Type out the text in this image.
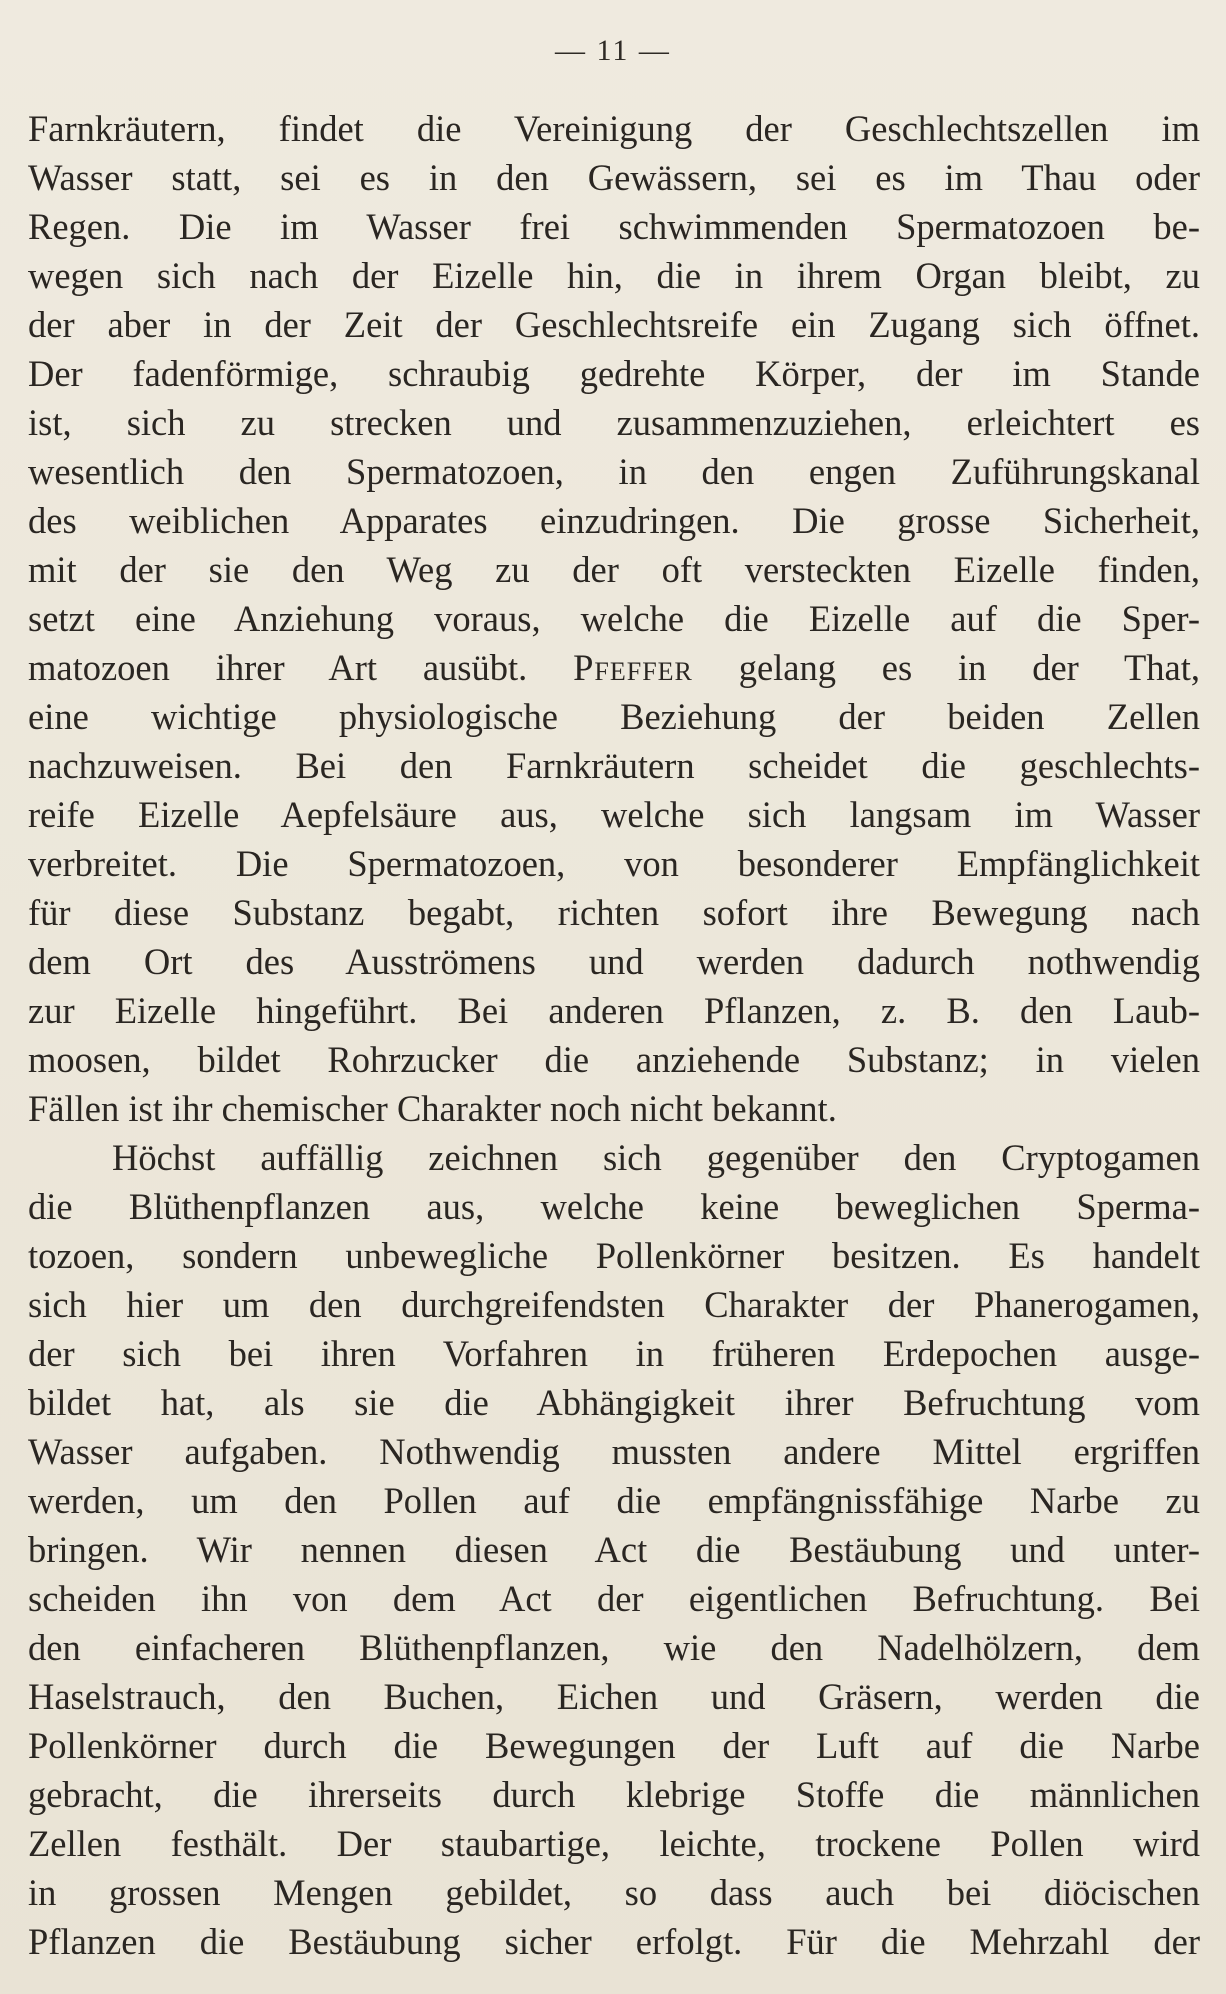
— 11 —
Farnkräutern, findet die Vereinigung der Geschlechtszellen im
Wasser statt, sei es in den Gewässern, sei es im Thau oder
Regen. Die im Wasser frei schwimmenden Spermatozoen be-
wegen sich nach der Eizelle hin, die in ihrem Organ bleibt, zu
der aber in der Zeit der Geschlechtsreife ein Zugang sich öffnet.
Der fadenförmige, schraubig gedrehte Körper, der im Stande
ist, sich zu strecken und zusammenzuziehen, erleichtert es
wesentlich den Spermatozoen, in den engen Zuführungskanal
des weiblichen Apparates einzudringen. Die grosse Sicherheit,
mit der sie den Weg zu der oft versteckten Eizelle finden,
setzt eine Anziehung voraus, welche die Eizelle auf die Sper-
matozoen ihrer Art ausübt. Pfeffer gelang es in der That,
eine wichtige physiologische Beziehung der beiden Zellen
nachzuweisen. Bei den Farnkräutern scheidet die geschlechts-
reife Eizelle Aepfelsäure aus, welche sich langsam im Wasser
verbreitet. Die Spermatozoen, von besonderer Empfänglichkeit
für diese Substanz begabt, richten sofort ihre Bewegung nach
dem Ort des Ausströmens und werden dadurch nothwendig
zur Eizelle hingeführt. Bei anderen Pflanzen, z. B. den Laub-
moosen, bildet Rohrzucker die anziehende Substanz; in vielen
Fällen ist ihr chemischer Charakter noch nicht bekannt.
Höchst auffällig zeichnen sich gegenüber den Cryptogamen
die Blüthenpflanzen aus, welche keine beweglichen Sperma-
tozoen, sondern unbewegliche Pollenkörner besitzen. Es handelt
sich hier um den durchgreifendsten Charakter der Phanerogamen,
der sich bei ihren Vorfahren in früheren Erdepochen ausge-
bildet hat, als sie die Abhängigkeit ihrer Befruchtung vom
Wasser aufgaben. Nothwendig mussten andere Mittel ergriffen
werden, um den Pollen auf die empfängnissfähige Narbe zu
bringen. Wir nennen diesen Act die Bestäubung und unter-
scheiden ihn von dem Act der eigentlichen Befruchtung. Bei
den einfacheren Blüthenpflanzen, wie den Nadelhölzern, dem
Haselstrauch, den Buchen, Eichen und Gräsern, werden die
Pollenkörner durch die Bewegungen der Luft auf die Narbe
gebracht, die ihrerseits durch klebrige Stoffe die männlichen
Zellen festhält. Der staubartige, leichte, trockene Pollen wird
in grossen Mengen gebildet, so dass auch bei diöcischen
Pflanzen die Bestäubung sicher erfolgt. Für die Mehrzahl der
